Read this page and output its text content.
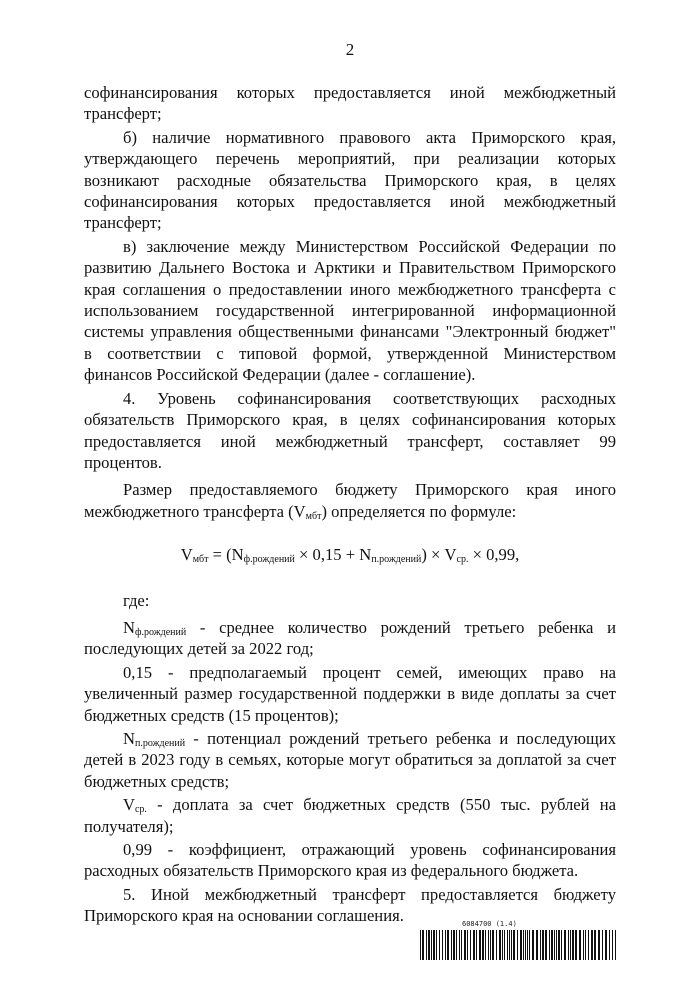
2

софинансирования которых предоставляется иной межбюджетный трансферт;

б) наличие нормативного правового акта Приморского края, утверждающего перечень мероприятий, при реализации которых возникают расходные обязательства Приморского края, в целях софинансирования которых предоставляется иной межбюджетный трансферт;

в) заключение между Министерством Российской Федерации по развитию Дальнего Востока и Арктики и Правительством Приморского края соглашения о предоставлении иного межбюджетного трансферта с использованием государственной интегрированной информационной системы управления общественными финансами "Электронный бюджет" в соответствии с типовой формой, утвержденной Министерством финансов Российской Федерации (далее - соглашение).

4. Уровень софинансирования соответствующих расходных обязательств Приморского края, в целях софинансирования которых предоставляется иной межбюджетный трансферт, составляет 99 процентов.

Размер предоставляемого бюджету Приморского края иного межбюджетного трансферта $(V_{мбт})$ определяется по формуле:

$V_{мбт} = (N_{ф.рождений} \times 0,15 + N_{п.рождений}) \times V_{ср.} \times 0,99$,

где:

$N_{ф.рождений}$ - среднее количество рождений третьего ребенка и последующих детей за 2022 год;

0,15 - предполагаемый процент семей, имеющих право на увеличенный размер государственной поддержки в виде доплаты за счет бюджетных средств (15 процентов);

$N_{п.рождений}$ - потенциал рождений третьего ребенка и последующих детей в 2023 году в семьях, которые могут обратиться за доплатой за счет бюджетных средств;

$V_{ср.}$ - доплата за счет бюджетных средств (550 тыс. рублей на получателя);

0,99 - коэффициент, отражающий уровень софинансирования расходных обязательств Приморского края из федерального бюджета.

5. Иной межбюджетный трансферт предоставляется бюджету Приморского края на основании соглашения.	6084700 (1.4)
